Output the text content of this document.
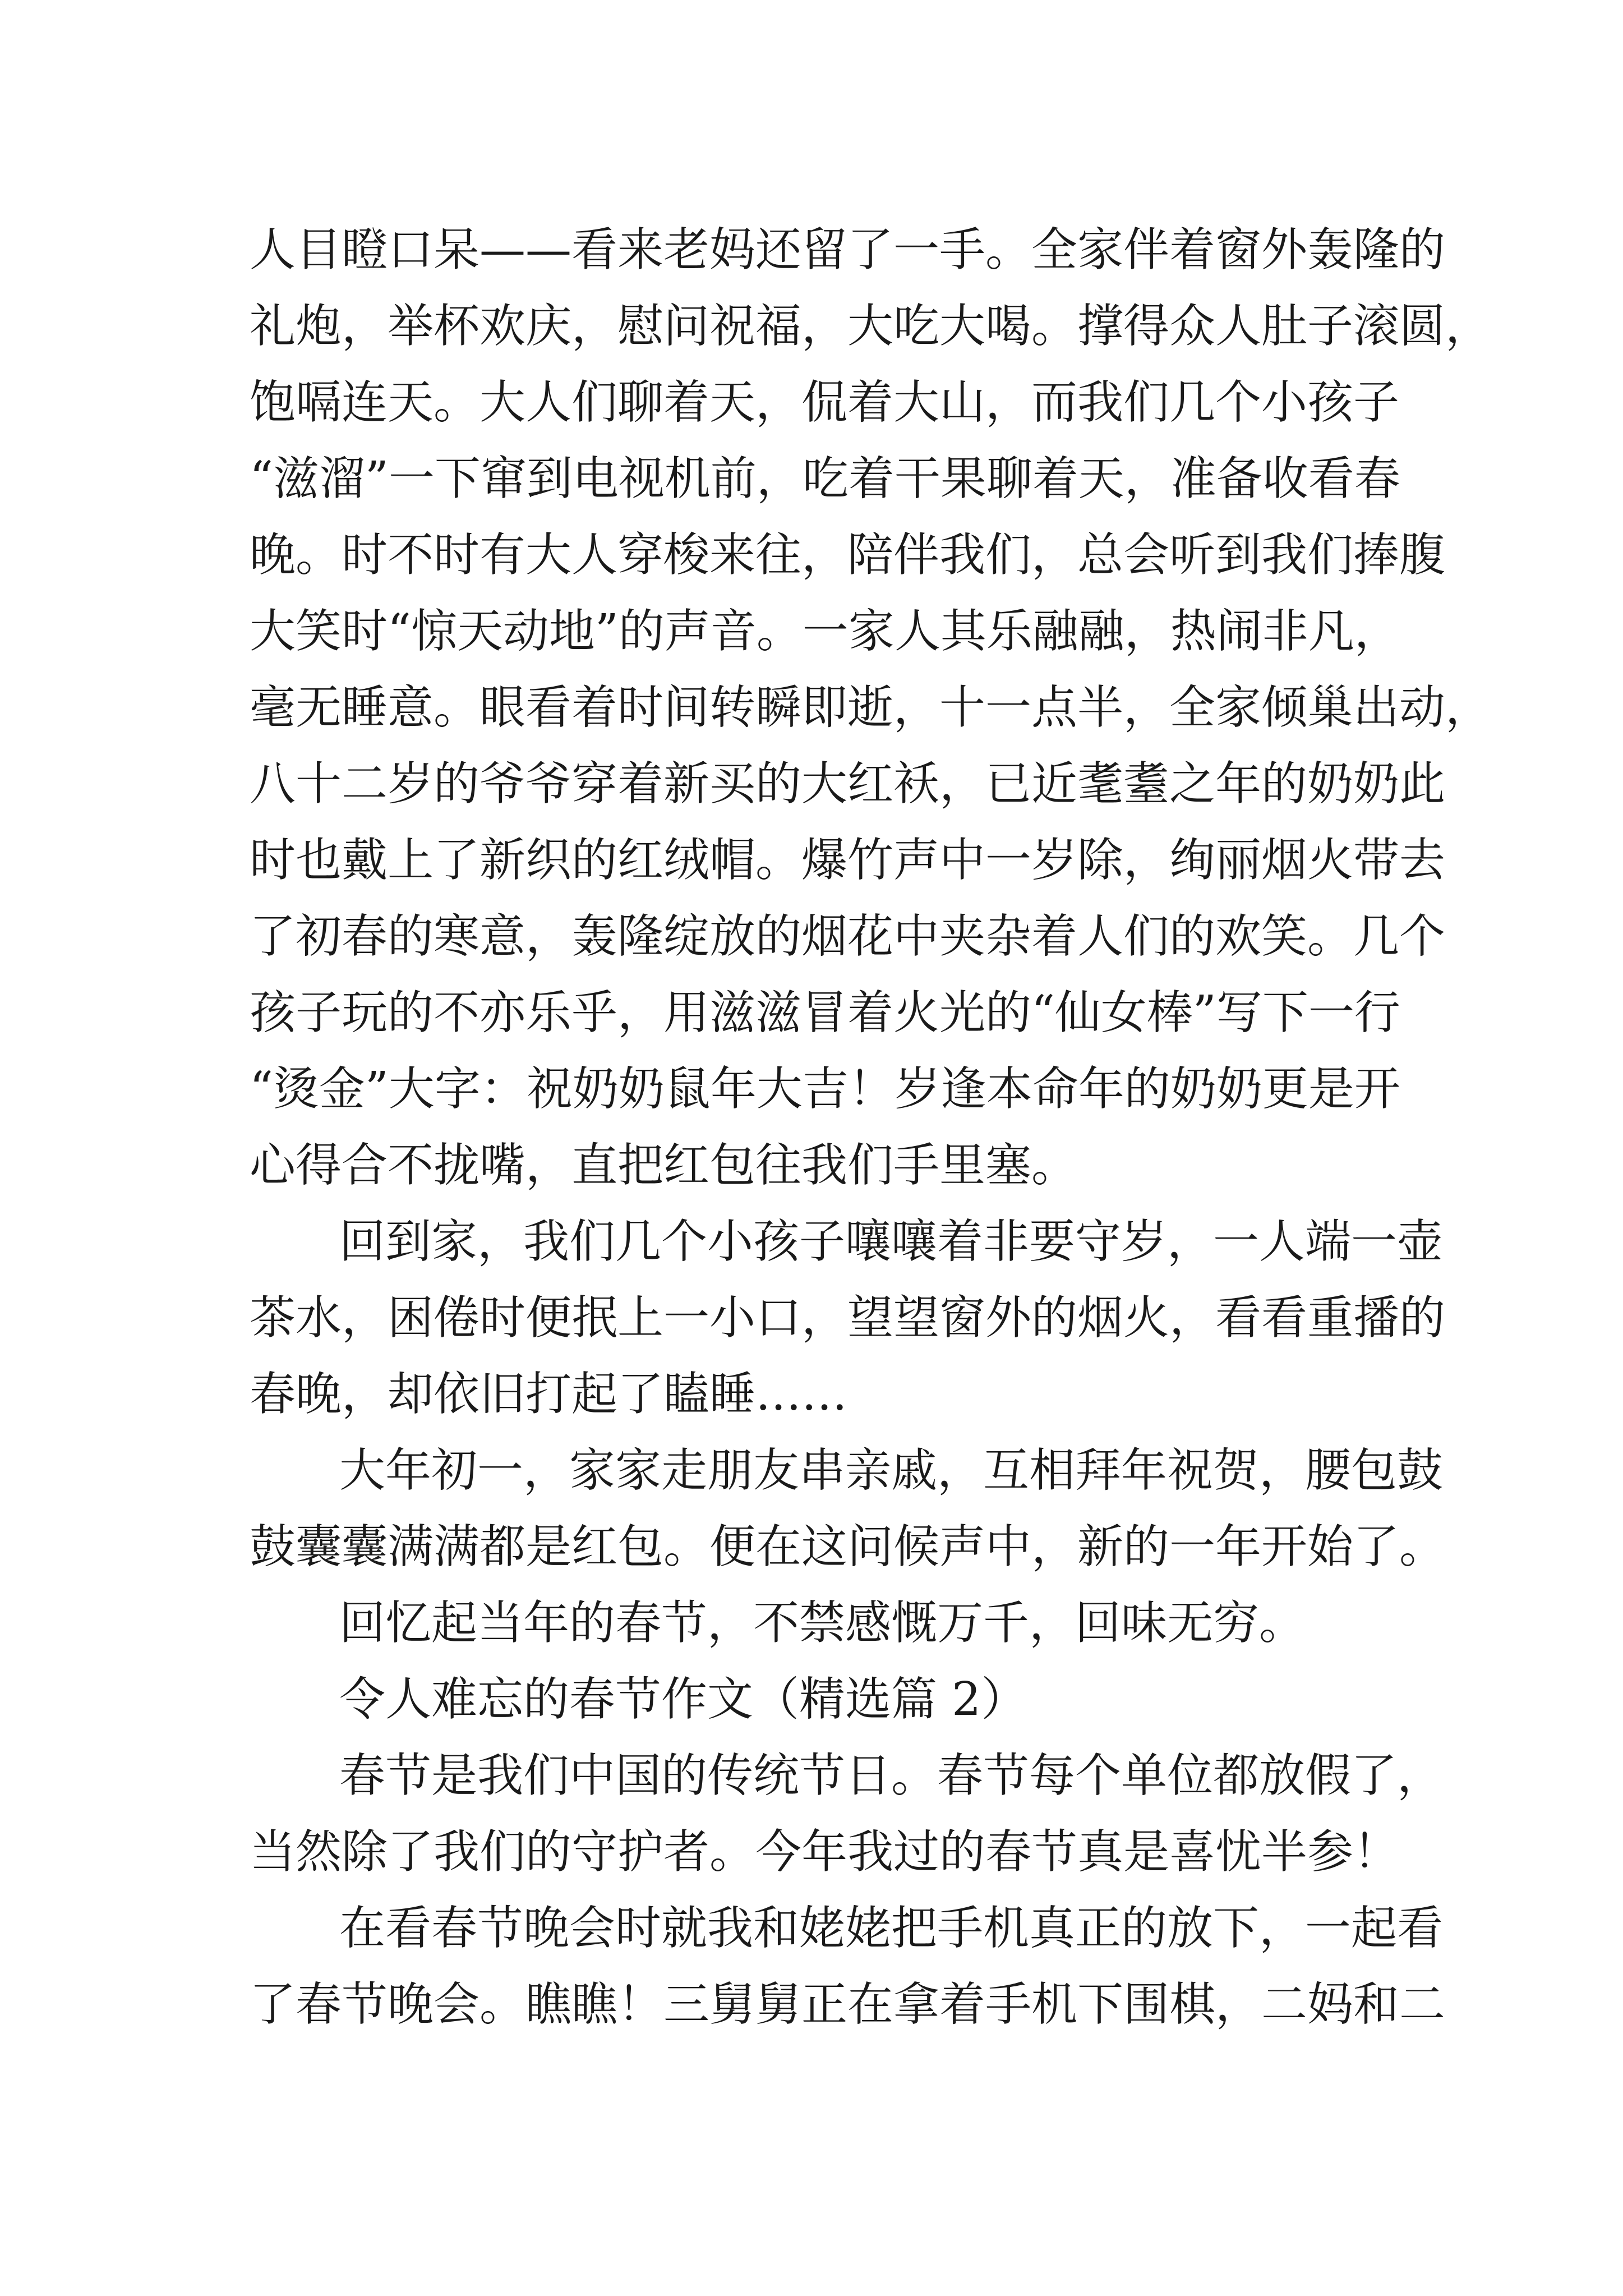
人目瞪口呆——看来老妈还留了一手。全家伴着窗外轰隆的
礼炮，举杯欢庆，慰问祝福，大吃大喝。撑得众人肚子滚圆，
饱嗝连天。大人们聊着天，侃着大山，而我们几个小孩子
“滋溜”一下窜到电视机前，吃着干果聊着天，准备收看春
晚。时不时有大人穿梭来往，陪伴我们，总会听到我们捧腹
大笑时“惊天动地”的声音。一家人其乐融融，热闹非凡，
毫无睡意。眼看着时间转瞬即逝，十一点半，全家倾巢出动，
八十二岁的爷爷穿着新买的大红袄，已近耄耋之年的奶奶此
时也戴上了新织的红绒帽。爆竹声中一岁除，绚丽烟火带去
了初春的寒意，轰隆绽放的烟花中夹杂着人们的欢笑。几个
孩子玩的不亦乐乎，用滋滋冒着火光的“仙女棒”写下一行
“烫金”大字：祝奶奶鼠年大吉！岁逢本命年的奶奶更是开
心得合不拢嘴，直把红包往我们手里塞。
回到家，我们几个小孩子嚷嚷着非要守岁，一人端一壶
茶水，困倦时便抿上一小口，望望窗外的烟火，看看重播的
春晚，却依旧打起了瞌睡……
大年初一，家家走朋友串亲戚，互相拜年祝贺，腰包鼓
鼓囊囊满满都是红包。便在这问候声中，新的一年开始了。
回忆起当年的春节，不禁感慨万千，回味无穷。
令人难忘的春节作文（精选篇 2）
春节是我们中国的传统节日。春节每个单位都放假了，
当然除了我们的守护者。今年我过的春节真是喜忧半参！
在看春节晚会时就我和姥姥把手机真正的放下，一起看
了春节晚会。瞧瞧！三舅舅正在拿着手机下围棋，二妈和二
